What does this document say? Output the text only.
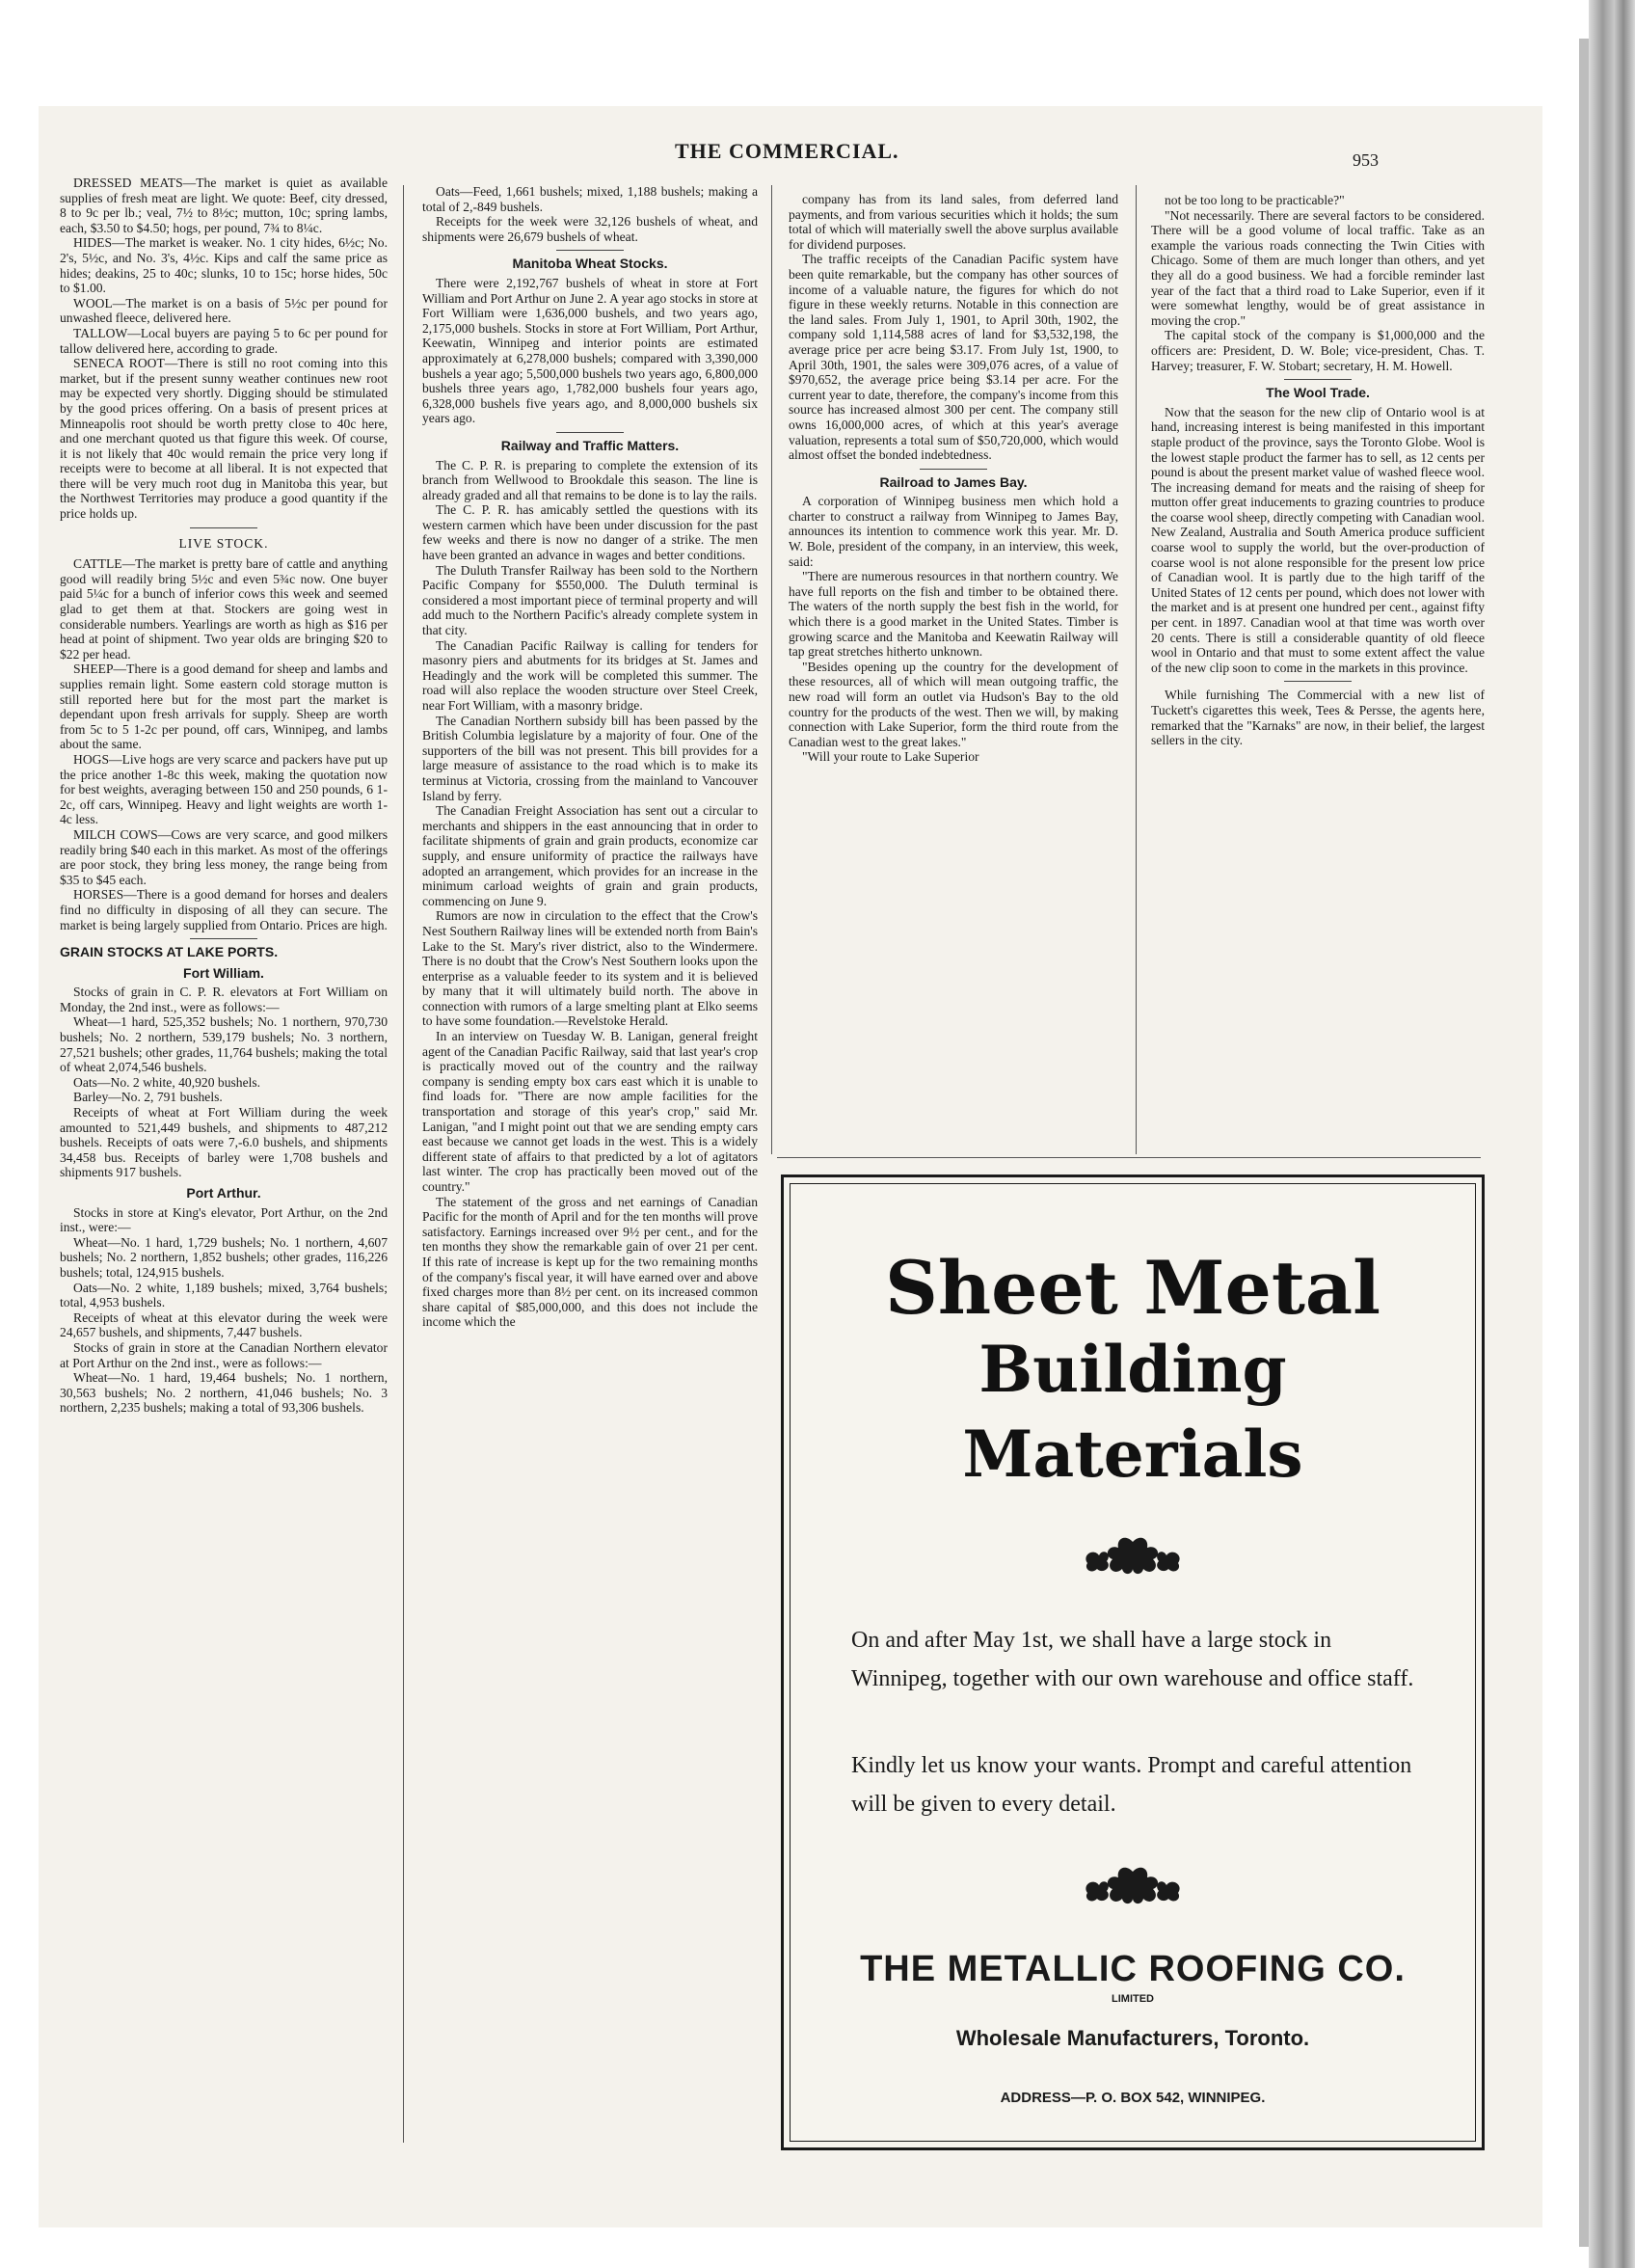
THE COMMERCIAL.	953

DRESSED MEATS—The market is quiet as available supplies of fresh meat are light. We quote: Beef, city dressed, 8 to 9c per lb.; veal, 7½ to 8½c; mutton, 10c; spring lambs, each, $3.50 to $4.50; hogs, per pound, 7¾ to 8¼c.

HIDES—The market is weaker. No. 1 city hides, 6½c; No. 2's, 5½c, and No. 3's, 4½c. Kips and calf the same price as hides; deakins, 25 to 40c; slunks, 10 to 15c; horse hides, 50c to $1.00.

WOOL—The market is on a basis of 5½c per pound for unwashed fleece, delivered here.

TALLOW—Local buyers are paying 5 to 6c per pound for tallow delivered here, according to grade.

SENECA ROOT—There is still no root coming into this market, but if the present sunny weather continues new root may be expected very shortly. Digging should be stimulated by the good prices offering. On a basis of present prices at Minneapolis root should be worth pretty close to 40c here, and one merchant quoted us that figure this week. Of course, it is not likely that 40c would remain the price very long if receipts were to become at all liberal. It is not expected that there will be very much root dug in Manitoba this year, but the Northwest Territories may produce a good quantity if the price holds up.

LIVE STOCK.

CATTLE—The market is pretty bare of cattle and anything good will readily bring 5½c and even 5¾c now. One buyer paid 5¼c for a bunch of inferior cows this week and seemed glad to get them at that. Stockers are going west in considerable numbers. Yearlings are worth as high as $16 per head at point of shipment. Two year olds are bringing $20 to $22 per head.

SHEEP—There is a good demand for sheep and lambs and supplies remain light. Some eastern cold storage mutton is still reported here but for the most part the market is dependant upon fresh arrivals for supply. Sheep are worth from 5c to 5 1-2c per pound, off cars, Winnipeg, and lambs about the same.

HOGS—Live hogs are very scarce and packers have put up the price another 1-8c this week, making the quotation now for best weights, averaging between 150 and 250 pounds, 6 1-2c, off cars, Winnipeg. Heavy and light weights are worth 1-4c less.

MILCH COWS—Cows are very scarce, and good milkers readily bring $40 each in this market. As most of the offerings are poor stock, they bring less money, the range being from $35 to $45 each.

HORSES—There is a good demand for horses and dealers find no difficulty in disposing of all they can secure. The market is being largely supplied from Ontario. Prices are high.

GRAIN STOCKS AT LAKE PORTS.
Fort William.

Stocks of grain in C. P. R. elevators at Fort William on Monday, the 2nd inst., were as follows:—

Wheat—1 hard, 525,352 bushels; No. 1 northern, 970,730 bushels; No. 2 northern, 539,179 bushels; No. 3 northern, 27,521 bushels; other grades, 11,764 bushels; making the total of wheat 2,074,546 bushels.

Oats—No. 2 white, 40,920 bushels.

Barley—No. 2, 791 bushels.

Receipts of wheat at Fort William during the week amounted to 521,449 bushels, and shipments to 487,212 bushels. Receipts of oats were 7,-6.0 bushels, and shipments 34,458 bus. Receipts of barley were 1,708 bushels and shipments 917 bushels.

Port Arthur.

Stocks in store at King's elevator, Port Arthur, on the 2nd inst., were:—

Wheat—No. 1 hard, 1,729 bushels; No. 1 northern, 4,607 bushels; No. 2 northern, 1,852 bushels; other grades, 116,226 bushels; total, 124,915 bushels.

Oats—No. 2 white, 1,189 bushels; mixed, 3,764 bushels; total, 4,953 bushels.

Receipts of wheat at this elevator during the week were 24,657 bushels, and shipments, 7,447 bushels.

Stocks of grain in store at the Canadian Northern elevator at Port Arthur on the 2nd inst., were as follows:—

Wheat—No. 1 hard, 19,464 bushels; No. 1 northern, 30,563 bushels; No. 2 northern, 41,046 bushels; No. 3 northern, 2,235 bushels; making a total of 93,306 bushels.

Oats—Feed, 1,661 bushels; mixed, 1,188 bushels; making a total of 2,-849 bushels.

Receipts for the week were 32,126 bushels of wheat, and shipments were 26,679 bushels of wheat.

Manitoba Wheat Stocks.

There were 2,192,767 bushels of wheat in store at Fort William and Port Arthur on June 2. A year ago stocks in store at Fort William were 1,636,000 bushels, and two years ago, 2,175,000 bushels. Stocks in store at Fort William, Port Arthur, Keewatin, Winnipeg and interior points are estimated approximately at 6,278,000 bushels; compared with 3,390,000 bushels a year ago; 5,500,000 bushels two years ago, 6,800,000 bushels three years ago, 1,782,000 bushels four years ago, 6,328,000 bushels five years ago, and 8,000,000 bushels six years ago.

Railway and Traffic Matters.

The C. P. R. is preparing to complete the extension of its branch from Wellwood to Brookdale this season. The line is already graded and all that remains to be done is to lay the rails.

The C. P. R. has amicably settled the questions with its western carmen which have been under discussion for the past few weeks and there is now no danger of a strike. The men have been granted an advance in wages and better conditions.

The Duluth Transfer Railway has been sold to the Northern Pacific Company for $550,000. The Duluth terminal is considered a most important piece of terminal property and will add much to the Northern Pacific's already complete system in that city.

The Canadian Pacific Railway is calling for tenders for masonry piers and abutments for its bridges at St. James and Headingly and the work will be completed this summer. The road will also replace the wooden structure over Steel Creek, near Fort William, with a masonry bridge.

The Canadian Northern subsidy bill has been passed by the British Columbia legislature by a majority of four. One of the supporters of the bill was not present. This bill provides for a large measure of assistance to the road which is to make its terminus at Victoria, crossing from the mainland to Vancouver Island by ferry.

The Canadian Freight Association has sent out a circular to merchants and shippers in the east announcing that in order to facilitate shipments of grain and grain products, economize car supply, and ensure uniformity of practice the railways have adopted an arrangement, which provides for an increase in the minimum carload weights of grain and grain products, commencing on June 9.

Rumors are now in circulation to the effect that the Crow's Nest Southern Railway lines will be extended north from Bain's Lake to the St. Mary's river district, also to the Windermere. There is no doubt that the Crow's Nest Southern looks upon the enterprise as a valuable feeder to its system and it is believed by many that it will ultimately build north. The above in connection with rumors of a large smelting plant at Elko seems to have some foundation.—Revelstoke Herald.

In an interview on Tuesday W. B. Lanigan, general freight agent of the Canadian Pacific Railway, said that last year's crop is practically moved out of the country and the railway company is sending empty box cars east which it is unable to find loads for. "There are now ample facilities for the transportation and storage of this year's crop," said Mr. Lanigan, "and I might point out that we are sending empty cars east because we cannot get loads in the west. This is a widely different state of affairs to that predicted by a lot of agitators last winter. The crop has practically been moved out of the country."

The statement of the gross and net earnings of Canadian Pacific for the month of April and for the ten months will prove satisfactory. Earnings increased over 9½ per cent., and for the ten months they show the remarkable gain of over 21 per cent. If this rate of increase is kept up for the two remaining months of the company's fiscal year, it will have earned over and above fixed charges more than 8½ per cent. on its increased common share capital of $85,000,000, and this does not include the income which the

company has from its land sales, from deferred land payments, and from various securities which it holds; the sum total of which will materially swell the above surplus available for dividend purposes.

The traffic receipts of the Canadian Pacific system have been quite remarkable, but the company has other sources of income of a valuable nature, the figures for which do not figure in these weekly returns. Notable in this connection are the land sales. From July 1, 1901, to April 30th, 1902, the company sold 1,114,588 acres of land for $3,532,198, the average price per acre being $3.17. From July 1st, 1900, to April 30th, 1901, the sales were 309,076 acres, of a value of $970,652, the average price being $3.14 per acre. For the current year to date, therefore, the company's income from this source has increased almost 300 per cent. The company still owns 16,000,000 acres, of which at this year's average valuation, represents a total sum of $50,720,000, which would almost offset the bonded indebtedness.

Railroad to James Bay.

A corporation of Winnipeg business men which hold a charter to construct a railway from Winnipeg to James Bay, announces its intention to commence work this year. Mr. D. W. Bole, president of the company, in an interview, this week, said:

"There are numerous resources in that northern country. We have full reports on the fish and timber to be obtained there. The waters of the north supply the best fish in the world, for which there is a good market in the United States. Timber is growing scarce and the Manitoba and Keewatin Railway will tap great stretches hitherto unknown.

"Besides opening up the country for the development of these resources, all of which will mean outgoing traffic, the new road will form an outlet via Hudson's Bay to the old country for the products of the west. Then we will, by making connection with Lake Superior, form the third route from the Canadian west to the great lakes."

"Will your route to Lake Superior

not be too long to be practicable?"

"Not necessarily. There are several factors to be considered. There will be a good volume of local traffic. Take as an example the various roads connecting the Twin Cities with Chicago. Some of them are much longer than others, and yet they all do a good business. We had a forcible reminder last year of the fact that a third road to Lake Superior, even if it were somewhat lengthy, would be of great assistance in moving the crop."

The capital stock of the company is $1,000,000 and the officers are: President, D. W. Bole; vice-president, Chas. T. Harvey; treasurer, F. W. Stobart; secretary, H. M. Howell.

The Wool Trade.

Now that the season for the new clip of Ontario wool is at hand, increasing interest is being manifested in this important staple product of the province, says the Toronto Globe. Wool is the lowest staple product the farmer has to sell, as 12 cents per pound is about the present market value of washed fleece wool. The increasing demand for meats and the raising of sheep for mutton offer great inducements to grazing countries to produce the coarse wool sheep, directly competing with Canadian wool. New Zealand, Australia and South America produce sufficient coarse wool to supply the world, but the over-production of coarse wool is not alone responsible for the present low price of Canadian wool. It is partly due to the high tariff of the United States of 12 cents per pound, which does not lower with the market and is at present one hundred per cent., against fifty per cent. in 1897. Canadian wool at that time was worth over 20 cents. There is still a considerable quantity of old fleece wool in Ontario and that must to some extent affect the value of the new clip soon to come in the markets in this province.

While furnishing The Commercial with a new list of Tuckett's cigarettes this week, Tees & Persse, the agents here, remarked that the "Karnaks" are now, in their belief, the largest sellers in the city.

Sheet Metal
Building
Materials
On and after May 1st, we shall have a large stock in Winnipeg, together with our own warehouse and office staff.
Kindly let us know your wants. Prompt and careful attention will be given to every detail.
THE METALLIC ROOFING CO.
LIMITED
Wholesale Manufacturers, Toronto.
ADDRESS—P. O. BOX 542, WINNIPEG.
